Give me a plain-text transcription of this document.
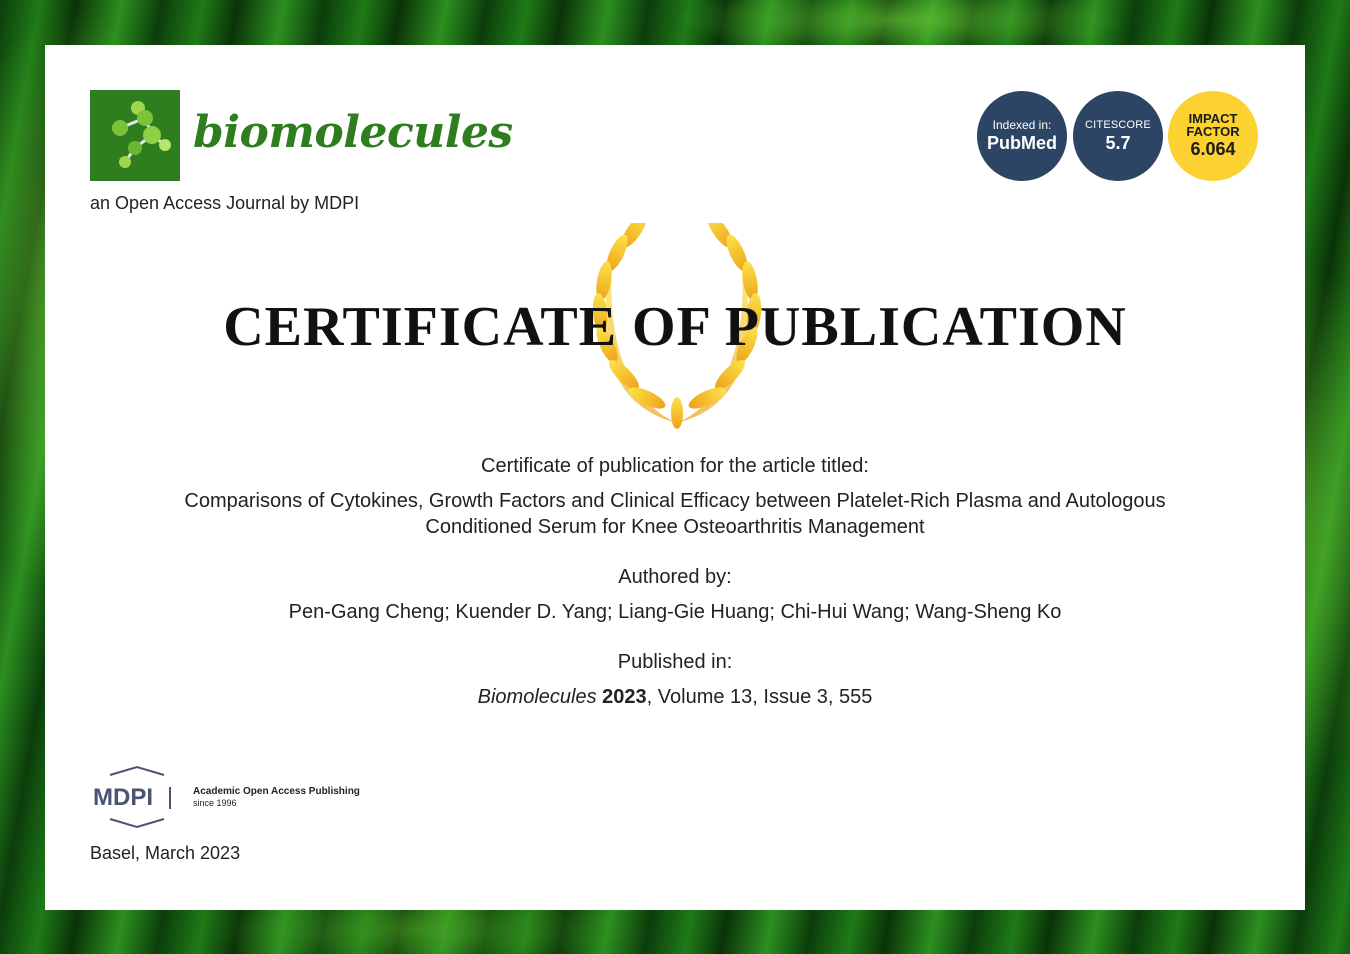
biomolecules
an Open Access Journal by MDPI
Indexed in:
PubMed
CITESCORE
5.7
IMPACT
FACTOR
6.064
CERTIFICATE OF PUBLICATION
Certificate of publication for the article titled:
Comparisons of Cytokines, Growth Factors and Clinical Efficacy between Platelet-Rich Plasma and Autologous
Conditioned Serum for Knee Osteoarthritis Management
Authored by:
Pen-Gang Cheng; Kuender D. Yang; Liang-Gie Huang; Chi-Hui Wang; Wang-Sheng Ko
Published in:
Biomolecules 2023, Volume 13, Issue 3, 555
MDPI	Academic Open Access Publishing
since 1996
Basel, March 2023
